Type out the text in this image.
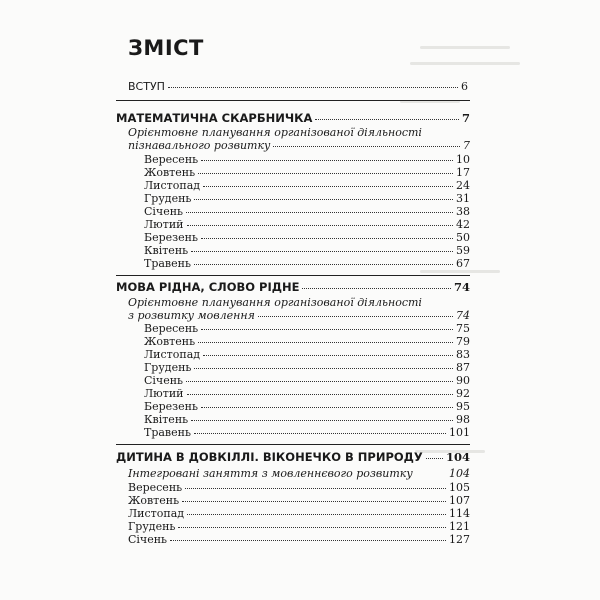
ЗМІСТ
ВСТУП	6
МАТЕМАТИЧНА СКАРБНИЧКА	7
Орієнтовне планування організованої діяльності
пізнавального розвитку	7
Вересень	10
Жовтень	17
Листопад	24
Грудень	31
Січень	38
Лютий	42
Березень	50
Квітень	59
Травень	67
МОВА РІДНА, СЛОВО РІДНЕ	74
Орієнтовне планування організованої діяльності
з розвитку мовлення	74
Вересень	75
Жовтень	79
Листопад	83
Грудень	87
Січень	90
Лютий	92
Березень	95
Квітень	98
Травень	101
ДИТИНА В ДОВКІЛЛІ. ВІКОНЕЧКО В ПРИРОДУ 104
Інтегровані заняття з мовленнєвого розвитку	104
Вересень	105
Жовтень	107
Листопад	114
Грудень	121
Січень	127
